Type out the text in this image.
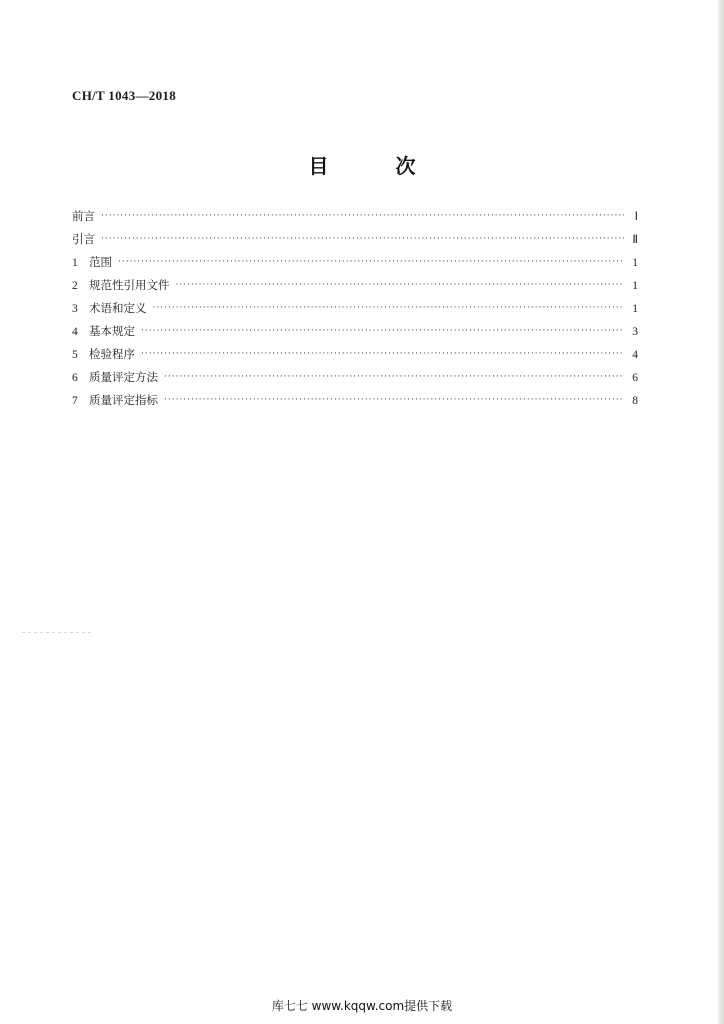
CH/T 1043—2018
目 次
前言 ·····	Ⅰ
引言 ·····	Ⅱ
1 范围 ·····	1
2 规范性引用文件 ·····	1
3 术语和定义 ·····	1
4 基本规定 ·····	3
5 检验程序 ·····	4
6 质量评定方法 ·····	6
7 质量评定指标 ·····	8
库七七 www.kqqw.com提供下载
